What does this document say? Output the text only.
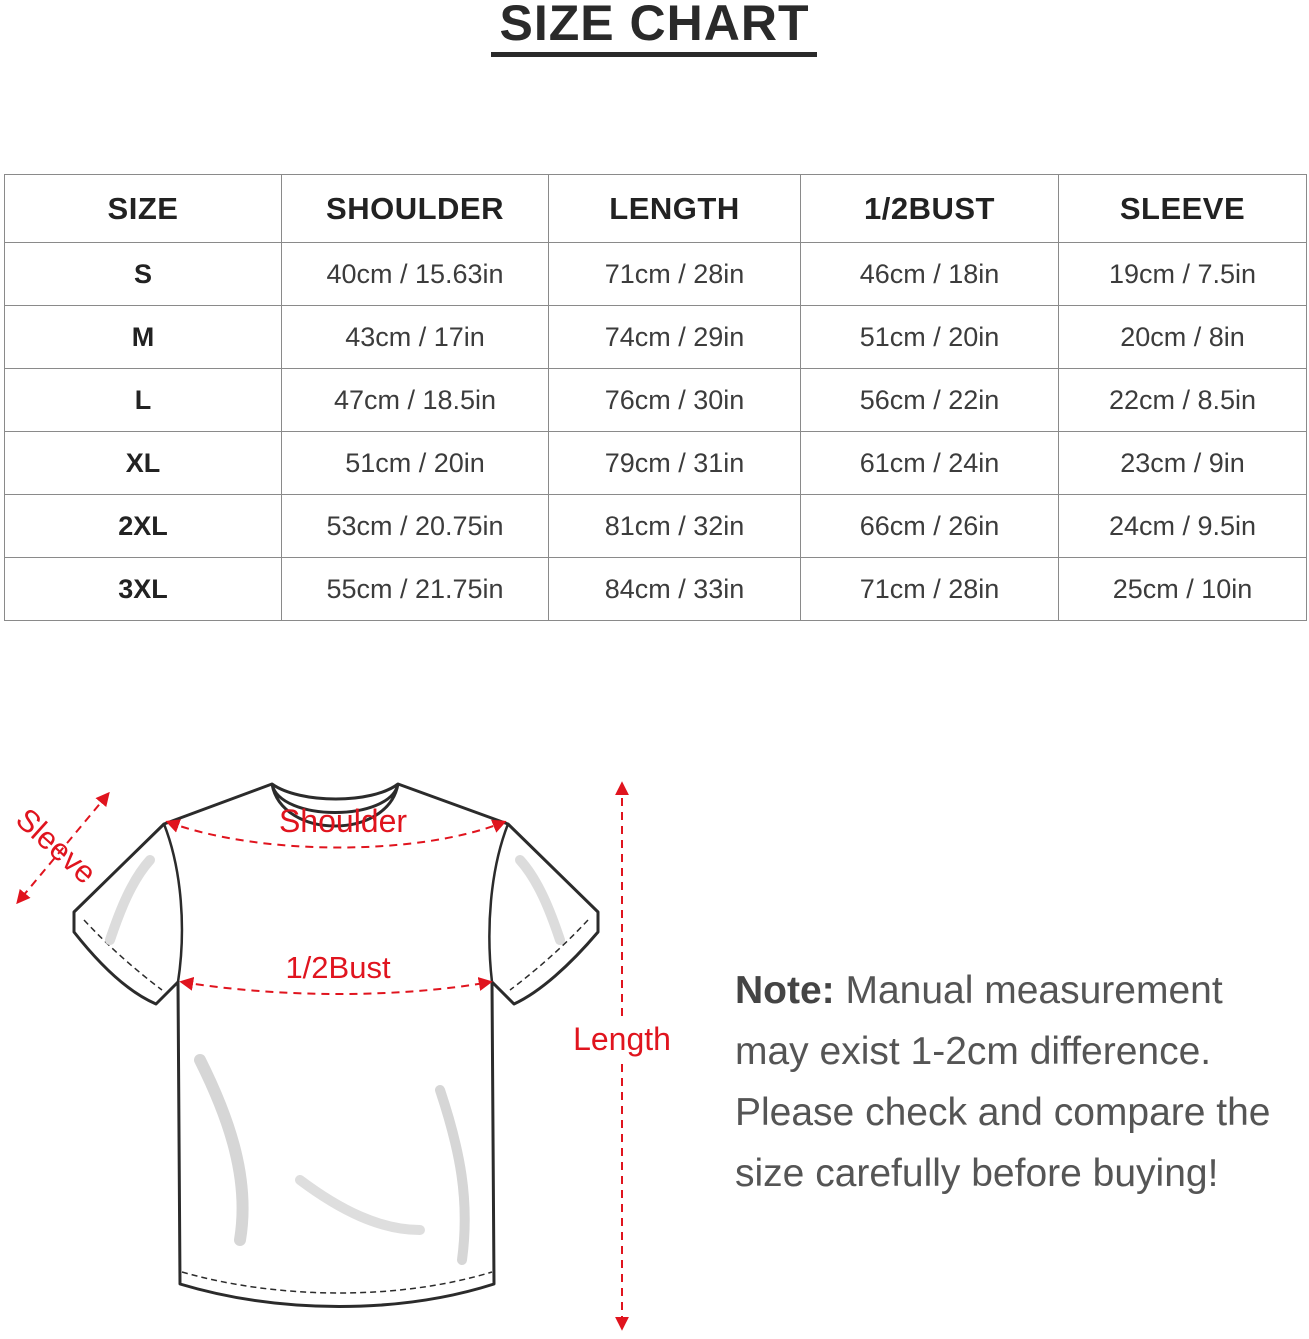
SIZE CHART
SIZE	SHOULDER	LENGTH	1/2BUST	SLEEVE
S	40cm / 15.63in	71cm / 28in	46cm / 18in	19cm / 7.5in
M	43cm / 17in	74cm / 29in	51cm / 20in	20cm / 8in
L	47cm / 18.5in	76cm / 30in	56cm / 22in	22cm / 8.5in
XL	51cm / 20in	79cm / 31in	61cm / 24in	23cm / 9in
2XL	53cm / 20.75in	81cm / 32in	66cm / 26in	24cm / 9.5in
3XL	55cm / 21.75in	84cm / 33in	71cm / 28in	25cm / 10in
Sleeve	Shoulder
1/2Bust
Length

Note: Manual measurement may exist 1-2cm difference. Please check and compare the size carefully before buying!
